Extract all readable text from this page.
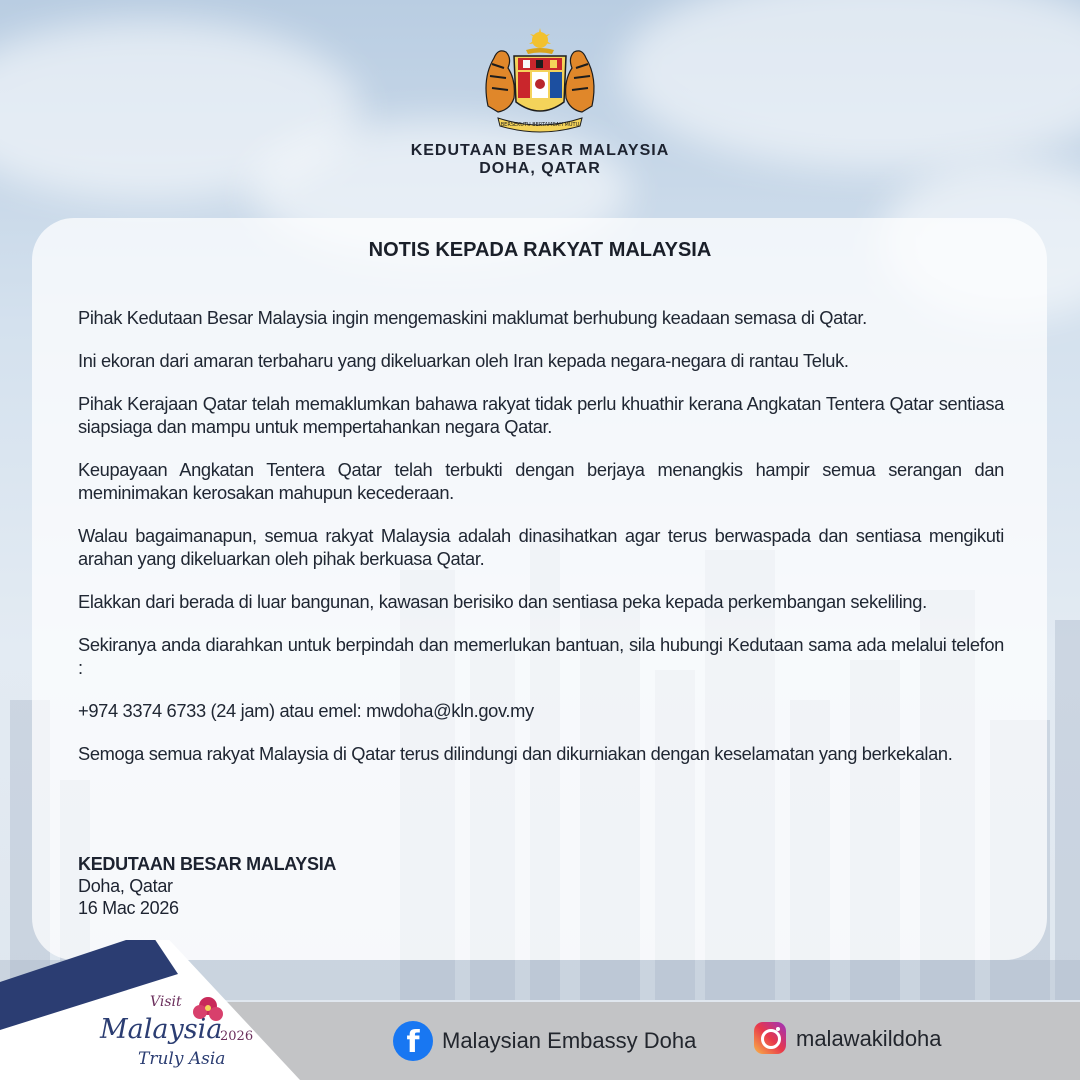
BERSEKUTU BERTAMBAH MUTU
KEDUTAAN BESAR MALAYSIA
DOHA, QATAR
NOTIS KEPADA RAKYAT MALAYSIA

Pihak Kedutaan Besar Malaysia ingin mengemaskini maklumat berhubung keadaan semasa di Qatar.

Ini ekoran dari amaran terbaharu yang dikeluarkan oleh Iran kepada negara-negara di rantau Teluk.

Pihak Kerajaan Qatar telah memaklumkan bahawa rakyat tidak perlu khuathir kerana Angkatan Tentera Qatar sentiasa siapsiaga dan mampu untuk mempertahankan negara Qatar.

Keupayaan Angkatan Tentera Qatar telah terbukti dengan berjaya menangkis hampir semua serangan dan meminimakan kerosakan mahupun kecederaan.

Walau bagaimanapun, semua rakyat Malaysia adalah dinasihatkan agar terus berwaspada dan sentiasa mengikuti arahan yang dikeluarkan oleh pihak berkuasa Qatar.

Elakkan dari berada di luar bangunan, kawasan berisiko dan sentiasa peka kepada perkembangan sekeliling.

Sekiranya anda diarahkan untuk berpindah dan memerlukan bantuan, sila hubungi Kedutaan sama ada melalui telefon :

+974 3374 6733 (24 jam) atau emel: mwdoha@kln.gov.my

Semoga semua rakyat Malaysia di Qatar terus dilindungi dan dikurniakan dengan keselamatan yang berkekalan.

KEDUTAAN BESAR MALAYSIA
Doha, Qatar
16 Mac 2026
Visit
Malaysia
2026
Truly Asia	f	Malaysian Embassy Doha	malawakildoha
